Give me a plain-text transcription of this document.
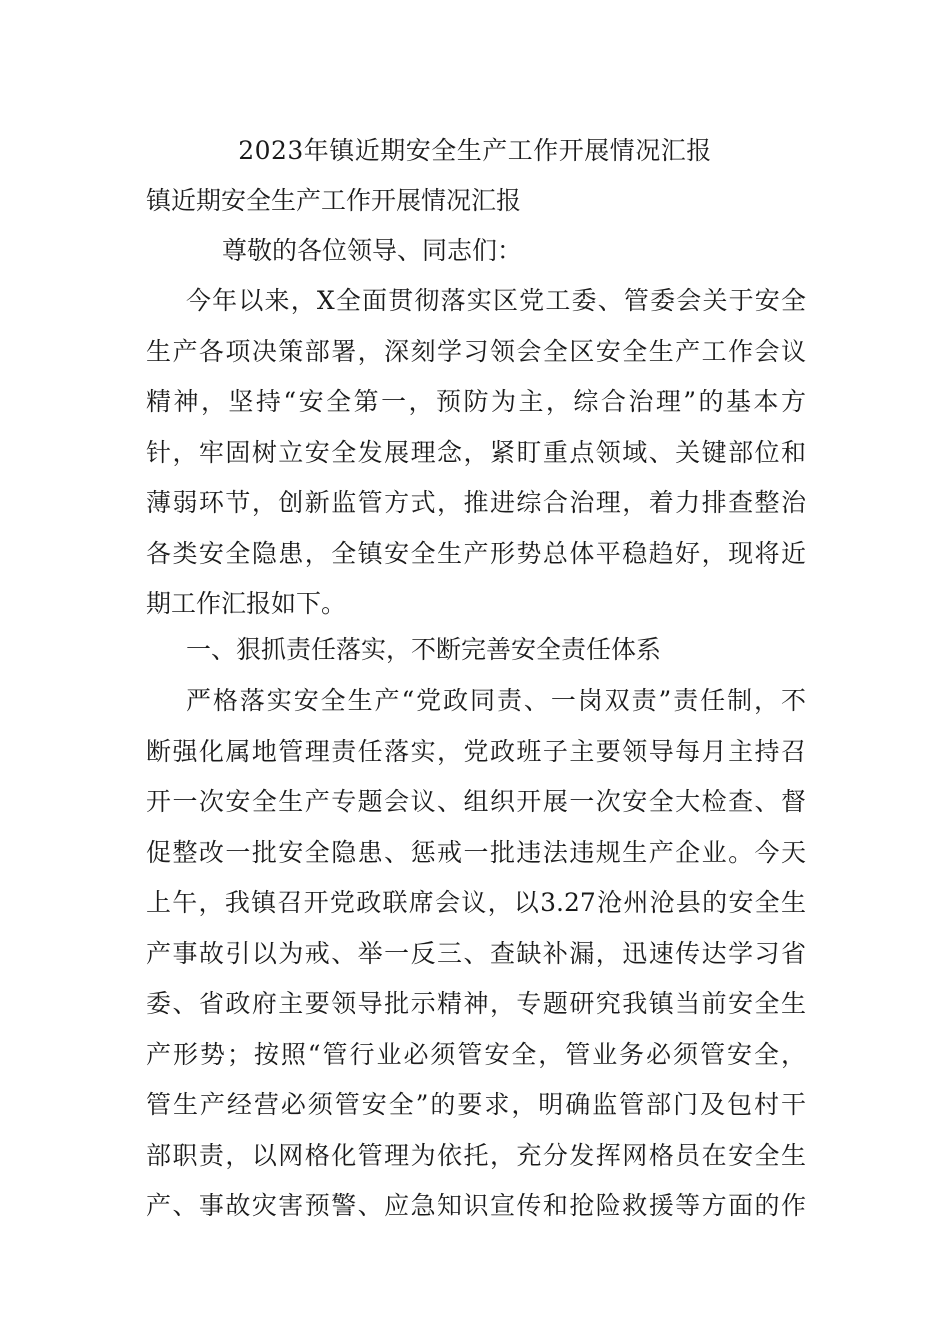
2023年镇近期安全生产工作开展情况汇报
镇近期安全生产工作开展情况汇报
尊敬的各位领导、同志们：
今年以来，X全面贯彻落实区党工委、管委会关于安全
生产各项决策部署，深刻学习领会全区安全生产工作会议
精神，坚持“安全第一，预防为主，综合治理”的基本方
针，牢固树立安全发展理念，紧盯重点领域、关键部位和
薄弱环节，创新监管方式，推进综合治理，着力排查整治
各类安全隐患，全镇安全生产形势总体平稳趋好，现将近
期工作汇报如下。
一、狠抓责任落实，不断完善安全责任体系
严格落实安全生产“党政同责、一岗双责”责任制，不
断强化属地管理责任落实，党政班子主要领导每月主持召
开一次安全生产专题会议、组织开展一次安全大检查、督
促整改一批安全隐患、惩戒一批违法违规生产企业。今天
上午，我镇召开党政联席会议，以3.27沧州沧县的安全生
产事故引以为戒、举一反三、查缺补漏，迅速传达学习省
委、省政府主要领导批示精神，专题研究我镇当前安全生
产形势；按照“管行业必须管安全，管业务必须管安全，
管生产经营必须管安全”的要求，明确监管部门及包村干
部职责，以网格化管理为依托，充分发挥网格员在安全生
产、事故灾害预警、应急知识宣传和抢险救援等方面的作
